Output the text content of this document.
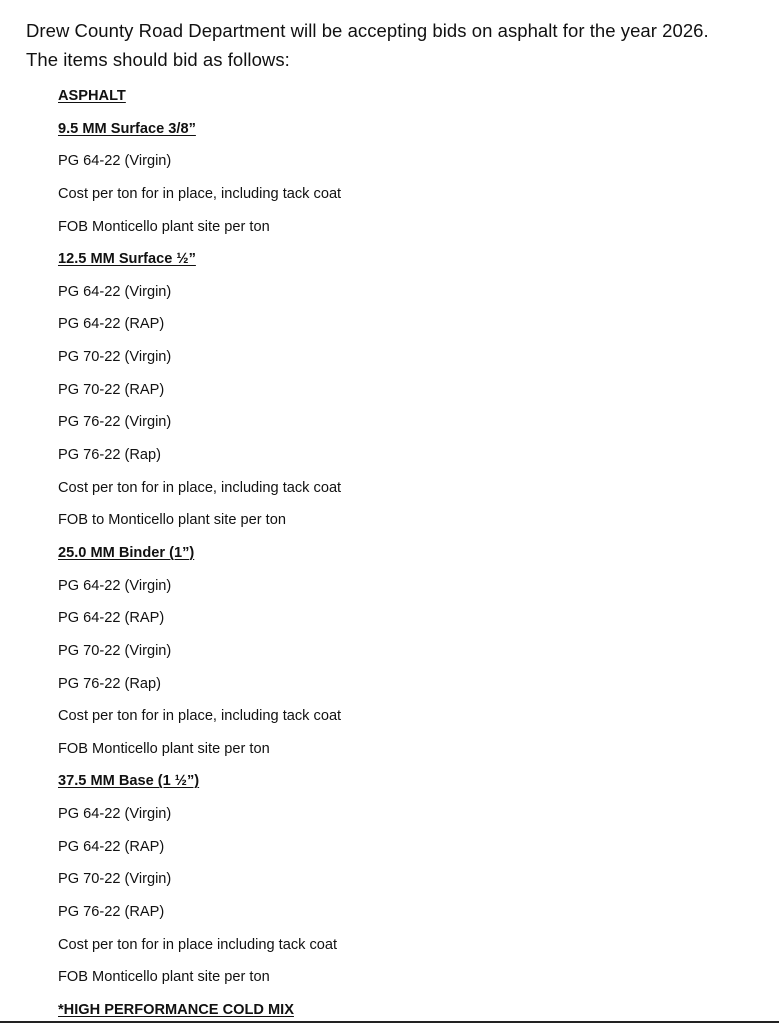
Drew County Road Department will be accepting bids on asphalt for the year 2026.
The items should bid as follows:
ASPHALT
9.5 MM Surface 3/8”
PG 64-22 (Virgin)
Cost per ton for in place, including tack coat
FOB Monticello plant site per ton
12.5 MM Surface ½”
PG 64-22 (Virgin)
PG 64-22 (RAP)
PG 70-22 (Virgin)
PG 70-22 (RAP)
PG 76-22 (Virgin)
PG 76-22 (Rap)
Cost per ton for in place, including tack coat
FOB to Monticello plant site per ton
25.0 MM Binder (1”)
PG 64-22 (Virgin)
PG 64-22 (RAP)
PG 70-22 (Virgin)
PG 76-22 (Rap)
Cost per ton for in place, including tack coat
FOB Monticello plant site per ton
37.5 MM Base (1 ½”)
PG 64-22 (Virgin)
PG 64-22 (RAP)
PG 70-22 (Virgin)
PG 76-22 (RAP)
Cost per ton for in place including tack coat
FOB Monticello plant site per ton
*HIGH PERFORMANCE COLD MIX
